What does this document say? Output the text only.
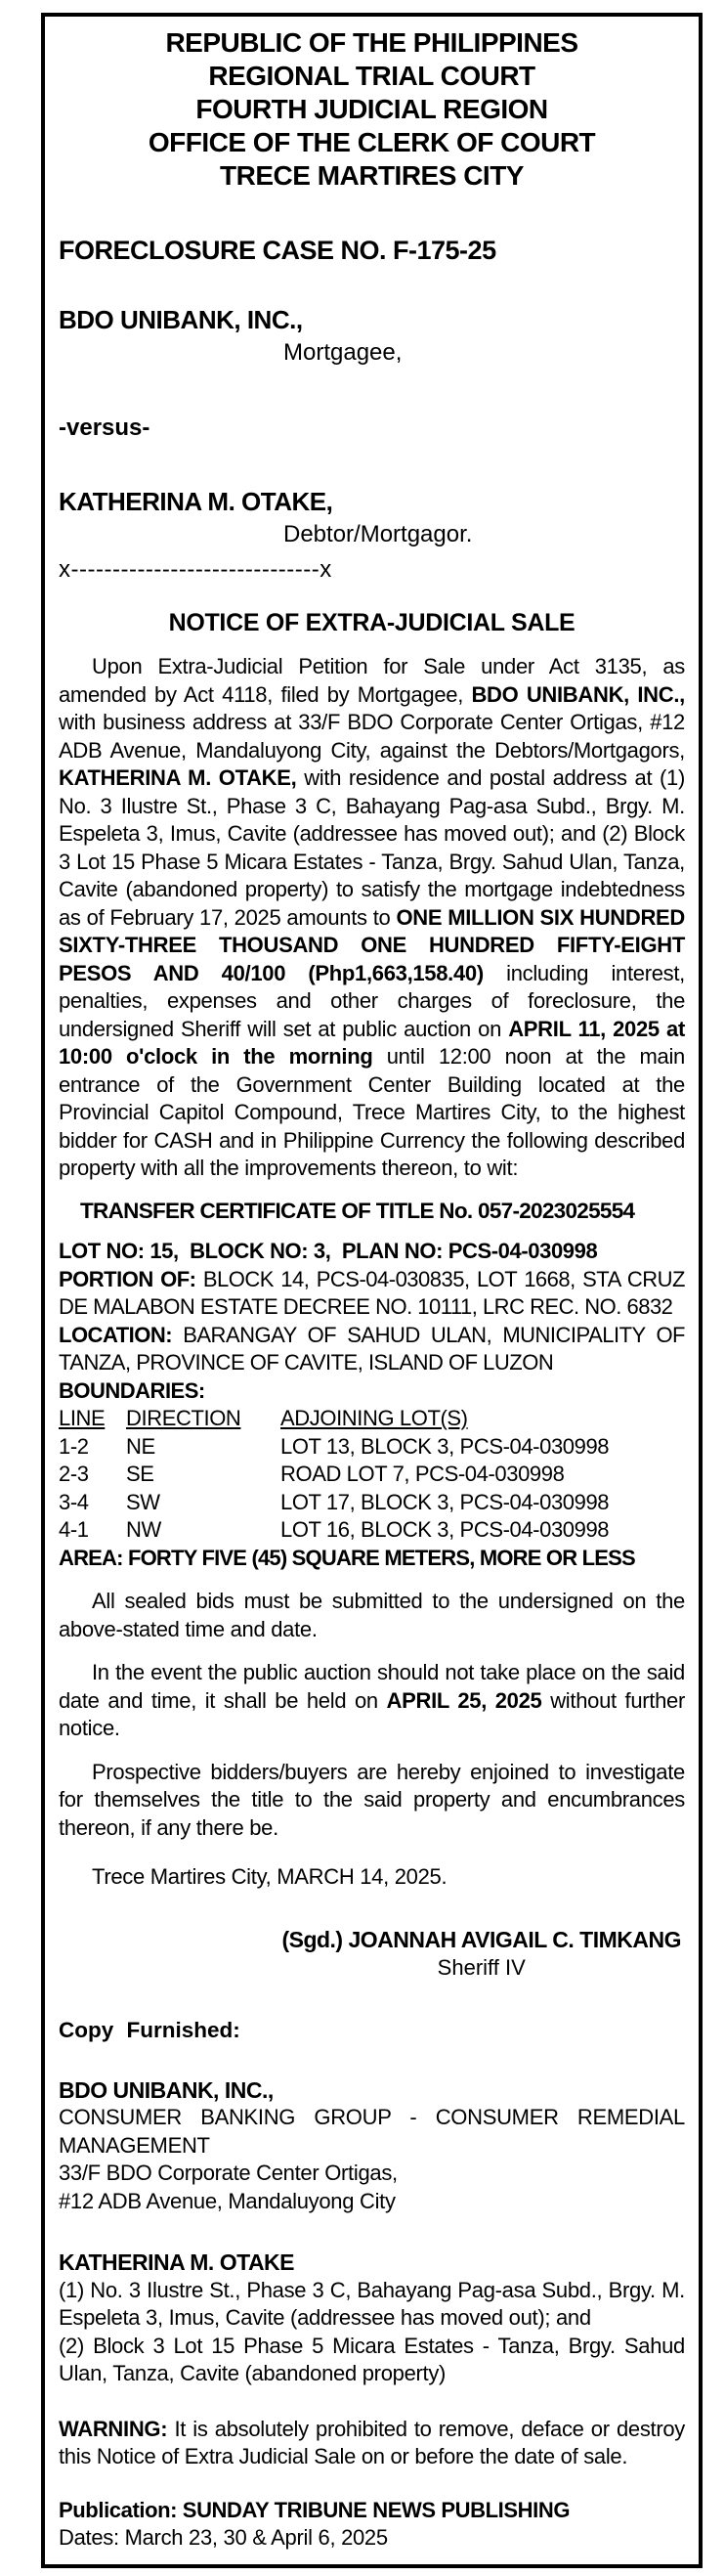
REPUBLIC OF THE PHILIPPINES
REGIONAL TRIAL COURT
FOURTH JUDICIAL REGION
OFFICE OF THE CLERK OF COURT
TRECE MARTIRES CITY
FORECLOSURE CASE NO. F-175-25
BDO UNIBANK, INC.,
Mortgagee,
-versus-
KATHERINA M. OTAKE,
Debtor/Mortgagor.
x------------------------------x
NOTICE OF EXTRA-JUDICIAL SALE
Upon Extra-Judicial Petition for Sale under Act 3135, as amended by Act 4118, filed by Mortgagee, BDO UNIBANK, INC., with business address at 33/F BDO Corporate Center Ortigas, #12 ADB Avenue, Mandaluyong City, against the Debtors/Mortgagors, KATHERINA M. OTAKE, with residence and postal address at (1) No. 3 Ilustre St., Phase 3 C, Bahayang Pag-asa Subd., Brgy. M. Espeleta 3, Imus, Cavite (addressee has moved out); and (2) Block 3 Lot 15 Phase 5 Micara Estates - Tanza, Brgy. Sahud Ulan, Tanza, Cavite (abandoned property) to satisfy the mortgage indebtedness as of February 17, 2025 amounts to ONE MILLION SIX HUNDRED SIXTY-THREE THOUSAND ONE HUNDRED FIFTY-EIGHT PESOS AND 40/100 (Php1,663,158.40) including interest, penalties, expenses and other charges of foreclosure, the undersigned Sheriff will set at public auction on APRIL 11, 2025 at 10:00 o'clock in the morning until 12:00 noon at the main entrance of the Government Center Building located at the Provincial Capitol Compound, Trece Martires City, to the highest bidder for CASH and in Philippine Currency the following described property with all the improvements thereon, to wit:
TRANSFER CERTIFICATE OF TITLE No. 057-2023025554
LOT NO: 15,  BLOCK NO: 3,  PLAN NO: PCS-04-030998
PORTION OF: BLOCK 14, PCS-04-030835, LOT 1668, STA CRUZ DE MALABON ESTATE DECREE NO. 10111, LRC REC. NO. 6832
LOCATION: BARANGAY OF SAHUD ULAN, MUNICIPALITY OF TANZA, PROVINCE OF CAVITE, ISLAND OF LUZON
BOUNDARIES:
LINE DIRECTION	ADJOINING LOT(S)
1-2	NE	LOT 13, BLOCK 3, PCS-04-030998
2-3	SE	ROAD LOT 7, PCS-04-030998
3-4	SW	LOT 17, BLOCK 3, PCS-04-030998
4-1	NW	LOT 16, BLOCK 3, PCS-04-030998
AREA: FORTY FIVE (45) SQUARE METERS, MORE OR LESS
All sealed bids must be submitted to the undersigned on the above-stated time and date.
In the event the public auction should not take place on the said date and time, it shall be held on APRIL 25, 2025 without further notice.
Prospective bidders/buyers are hereby enjoined to investigate for themselves the title to the said property and encumbrances thereon, if any there be.
Trece Martires City, MARCH 14, 2025.
(Sgd.) JOANNAH AVIGAIL C. TIMKANG
Sheriff IV
Copy Furnished:
BDO UNIBANK, INC.,
CONSUMER BANKING GROUP - CONSUMER REMEDIAL MANAGEMENT
33/F BDO Corporate Center Ortigas,
#12 ADB Avenue, Mandaluyong City
KATHERINA M. OTAKE
(1) No. 3 Ilustre St., Phase 3 C, Bahayang Pag-asa Subd., Brgy. M. Espeleta 3, Imus, Cavite (addressee has moved out); and
(2) Block 3 Lot 15 Phase 5 Micara Estates - Tanza, Brgy. Sahud Ulan, Tanza, Cavite (abandoned property)
WARNING: It is absolutely prohibited to remove, deface or destroy this Notice of Extra Judicial Sale on or before the date of sale.
Publication: SUNDAY TRIBUNE NEWS PUBLISHING
Dates: March 23, 30 & April 6, 2025
